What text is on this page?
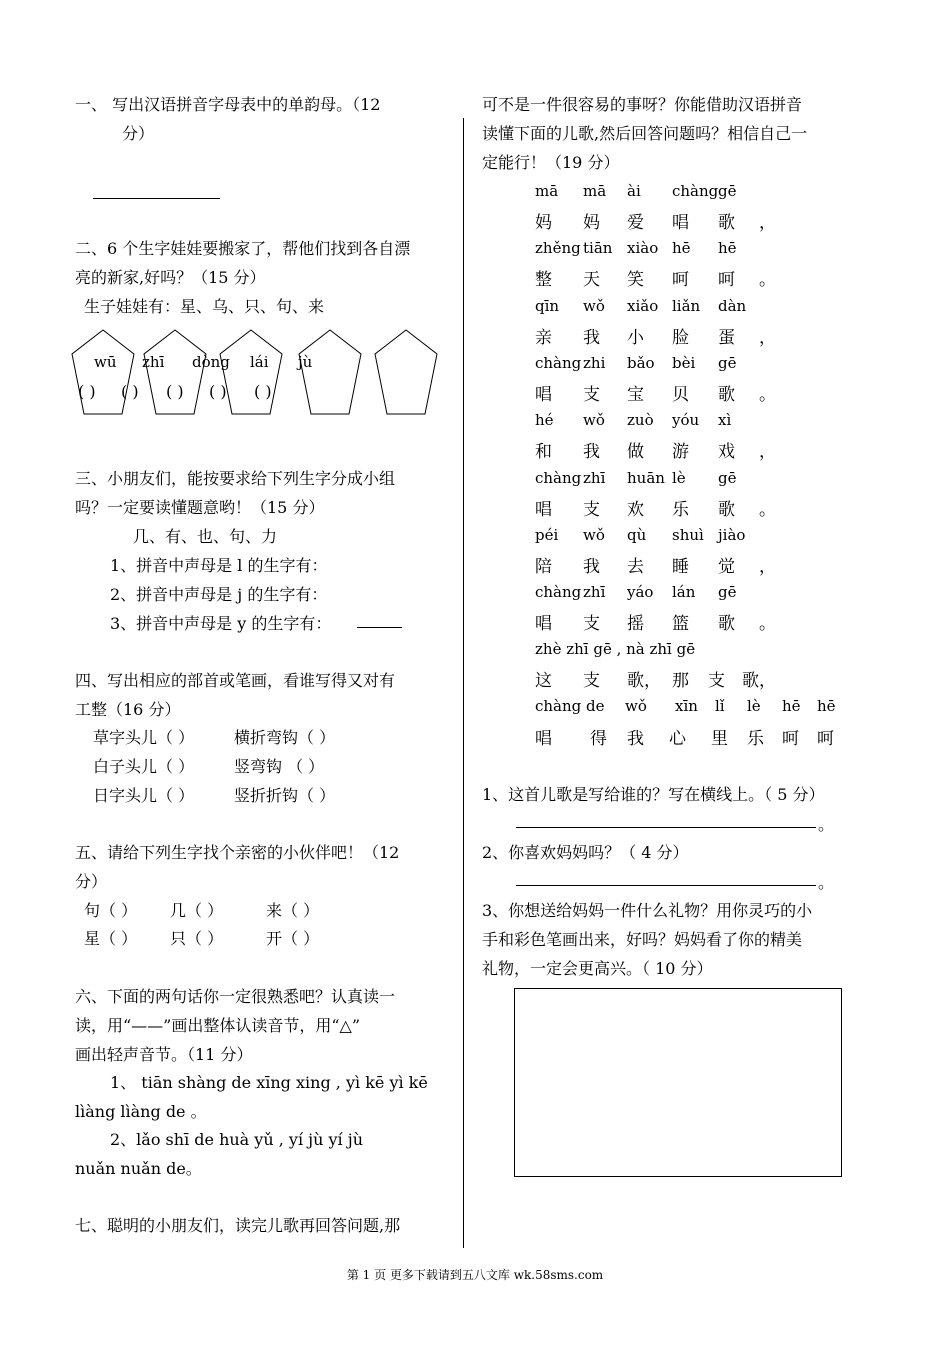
一、 写出汉语拼音字母表中的单韵母。（12
分）
二、6 个生字娃娃要搬家了，帮他们找到各自漂
亮的新家,好吗？（15 分）
生子娃娃有：星、乌、只、句、来
wū zhī dòng lái jù
( ) ( ) ( ) ( ) ( )
三、小朋友们，能按要求给下列生字分成小组
吗？一定要读懂题意哟！（15 分）
几、有、也、句、力
1、拼音中声母是 l 的生字有：
2、拼音中声母是 j 的生字有：
3、拼音中声母是 y 的生字有：
四、写出相应的部首或笔画，看谁写得又对有
工整（16 分）
草字头儿（ ） 横折弯钩（ ）
白子头儿（ ） 竖弯钩 （ ）
日字头儿（ ） 竖折折钩（ ）
五、请给下列生字找个亲密的小伙伴吧！（12
分）
句（ ） 几（ ）	来（ ）
星（ ） 只（ ）	开（ ）
六、下面的两句话你一定很熟悉吧？认真读一
读，用“——”画出整体认读音节，用“△”
画出轻声音节。（11 分）
1、 tiān shàng de xīng xing , yì kē yì kē
lìàng lìàng de 。
2、lǎo shī de huà yǔ , yí jù yí jù
nuǎn nuǎn de。
七、聪明的小朋友们，读完儿歌再回答问题,那
可不是一件很容易的事呀？你能借助汉语拼音
读懂下面的儿歌,然后回答问题吗？相信自己一
定能行！（19 分）
mā mā ài chàng gē
妈 妈 爱 唱 歌 ，
zhěng tiān xiào hē hē
整 天 笑 呵 呵 。
qīn wǒ xiǎo liǎn dàn
亲 我 小 脸 蛋 ，
chàng zhi bǎo bèi gē
唱 支 宝 贝 歌 。
hé wǒ zuò yóu xì
和 我 做 游 戏 ，
chàng zhī huān lè gē
唱 支 欢 乐 歌 。
péi wǒ qù shuì jiào
陪 我 去 睡 觉 ，
chàng zhī yáo lán gē
唱 支 摇 篮 歌 。
zhè zhī gē , nà zhī gē
这 支 歌， 那 支 歌，
chàng de wǒ xīn lǐ lè hē hē
唱 得 我 心 里 乐 呵 呵
1、这首儿歌是写给谁的？写在横线上。（ 5 分）
。
2、你喜欢妈妈吗？（ 4 分）
。
3、你想送给妈妈一件什么礼物？用你灵巧的小
手和彩色笔画出来，好吗？妈妈看了你的精美
礼物，一定会更高兴。（ 10 分）
第 1 页 更多下载请到五八文库 wk.58sms.com
